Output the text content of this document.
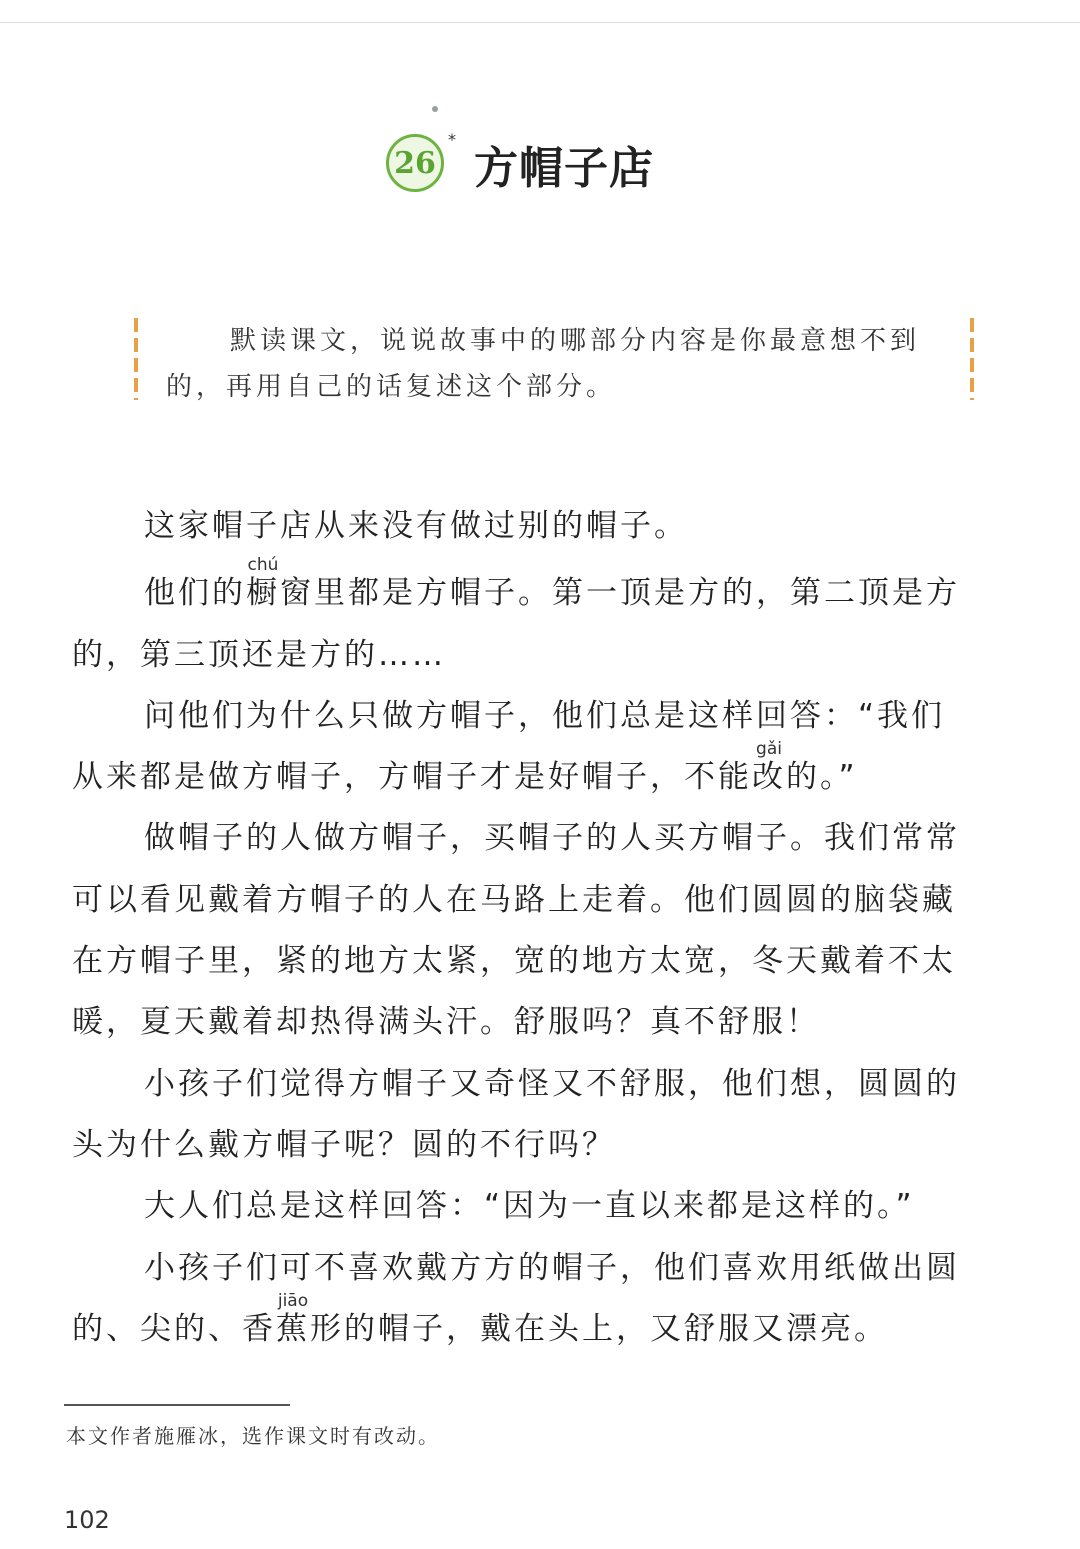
26
*
方帽子店
默读课文，说说故事中的哪部分内容是你最意想不到的，再用自己的话复述这个部分。

这家帽子店从来没有做过别的帽子。

他们的橱chú窗里都是方帽子。第一顶是方的，第二顶是方的，第三顶还是方的……

问他们为什么只做方帽子，他们总是这样回答：“我们从来都是做方帽子，方帽子才是好帽子，不能改gǎi的。”

做帽子的人做方帽子，买帽子的人买方帽子。我们常常可以看见戴着方帽子的人在马路上走着。他们圆圆的脑袋藏在方帽子里，紧的地方太紧，宽的地方太宽，冬天戴着不太暖，夏天戴着却热得满头汗。舒服吗？真不舒服！

小孩子们觉得方帽子又奇怪又不舒服，他们想，圆圆的头为什么戴方帽子呢？圆的不行吗？

大人们总是这样回答：“因为一直以来都是这样的。”

小孩子们可不喜欢戴方方的帽子，他们喜欢用纸做出圆的、尖的、香蕉jiāo形的帽子，戴在头上，又舒服又漂亮。

本文作者施雁冰，选作课文时有改动。
102
